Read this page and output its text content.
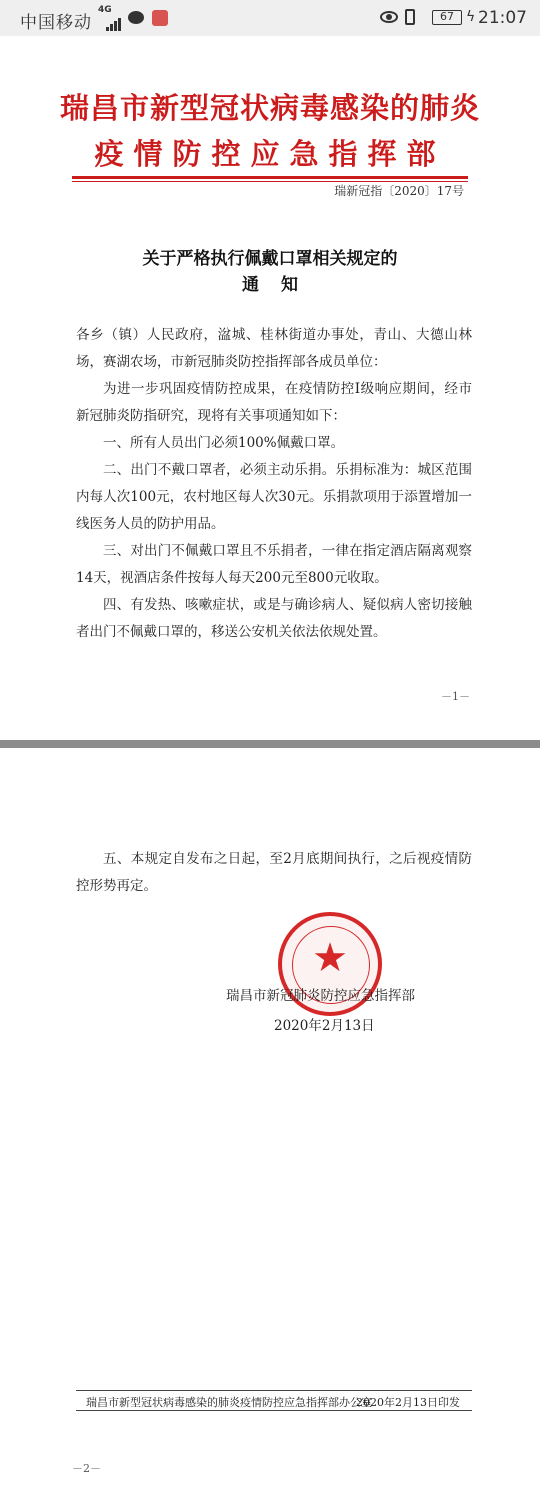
中国移动
4G	67 ϟ 21:07
瑞昌市新型冠状病毒感染的肺炎
疫情防控应急指挥部
瑞新冠指〔2020〕17号
关于严格执行佩戴口罩相关规定的
通知

各乡（镇）人民政府，湓城、桂林街道办事处，青山、大德山林场，赛湖农场，市新冠肺炎防控指挥部各成员单位：

为进一步巩固疫情防控成果，在疫情防控Ⅰ级响应期间，经市新冠肺炎防指研究，现将有关事项通知如下：

一、所有人员出门必须100%佩戴口罩。

二、出门不戴口罩者，必须主动乐捐。乐捐标准为：城区范围内每人次100元，农村地区每人次30元。乐捐款项用于添置增加一线医务人员的防护用品。

三、对出门不佩戴口罩且不乐捐者，一律在指定酒店隔离观察14天，视酒店条件按每人每天200元至800元收取。

四、有发热、咳嗽症状，或是与确诊病人、疑似病人密切接触者出门不佩戴口罩的，移送公安机关依法依规处置。

－1－

五、本规定自发布之日起，至2月底期间执行，之后视疫情防控形势再定。

★
瑞昌市新冠肺炎防控应急指挥部
2020年2月13日
瑞昌市新型冠状病毒感染的肺炎疫情防控应急指挥部办公室
2020年2月13日印发
－2－
